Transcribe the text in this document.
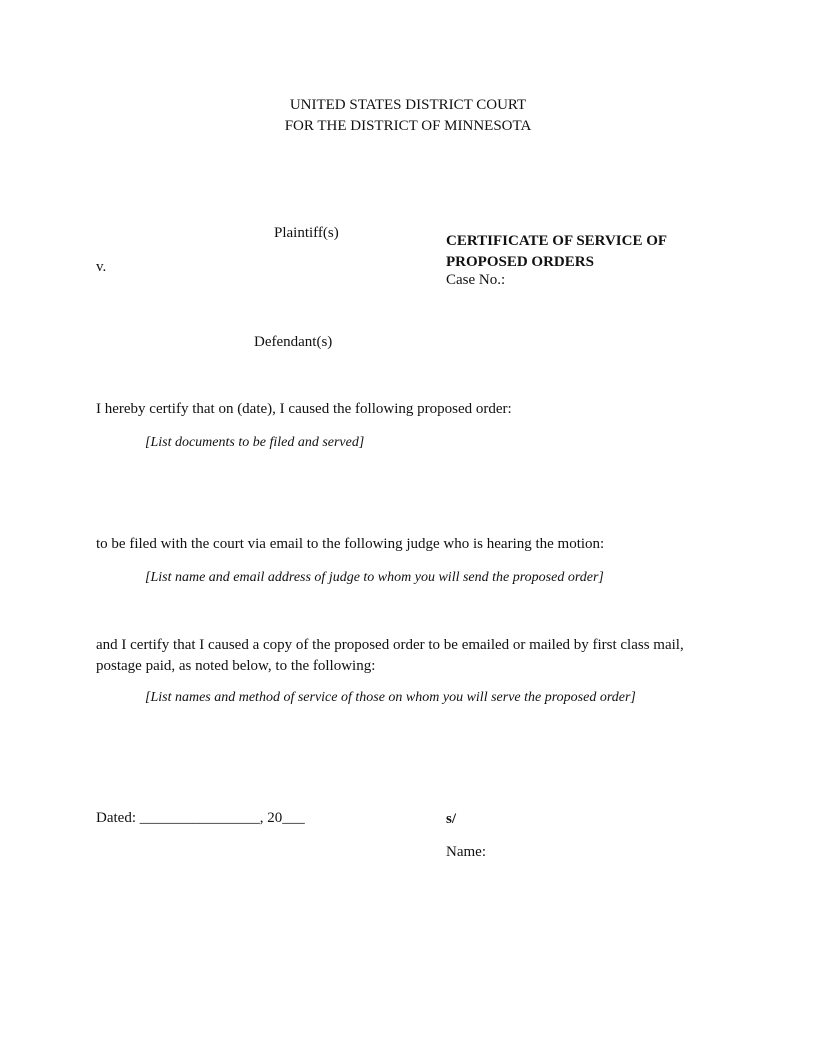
UNITED STATES DISTRICT COURT
FOR THE DISTRICT OF MINNESOTA
Plaintiff(s)
v.
Defendant(s)
CERTIFICATE OF SERVICE OF
PROPOSED ORDERS
Case No.:
I hereby certify that on (date), I caused the following proposed order:
[List documents to be filed and served]
to be filed with the court via email to the following judge who is hearing the motion:
[List name and email address of judge to whom you will send the proposed order]
and I certify that I caused a copy of the proposed order to be emailed or mailed by first class mail, postage paid, as noted below, to the following:
[List names and method of service of those on whom you will serve the proposed order]
Dated: ________________, 20___	s/
Name:
